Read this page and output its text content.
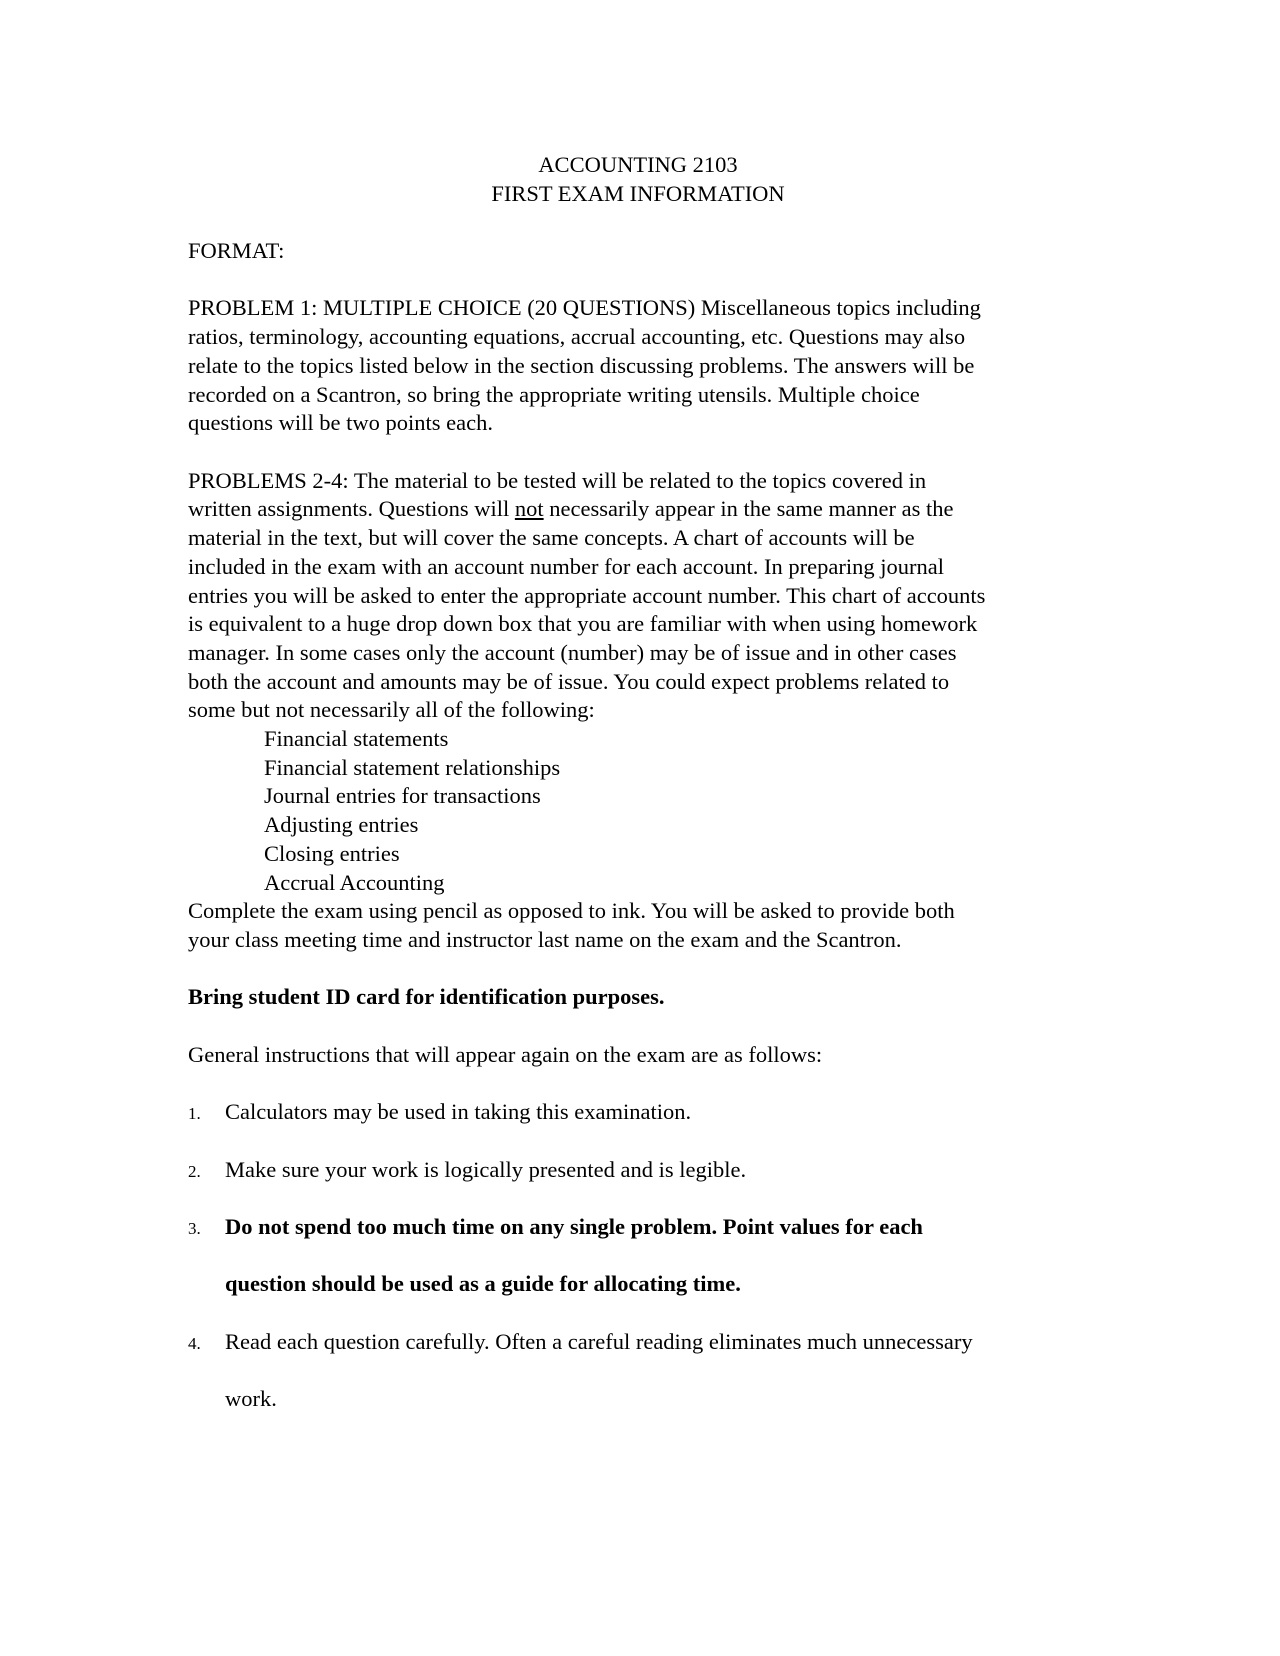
ACCOUNTING 2103
FIRST EXAM INFORMATION

FORMAT:

PROBLEM 1: MULTIPLE CHOICE (20 QUESTIONS) Miscellaneous topics including
ratios, terminology, accounting equations, accrual accounting, etc. Questions may also
relate to the topics listed below in the section discussing problems. The answers will be
recorded on a Scantron, so bring the appropriate writing utensils. Multiple choice
questions will be two points each.
PROBLEMS 2-4: The material to be tested will be related to the topics covered in
written assignments. Questions will not necessarily appear in the same manner as the
material in the text, but will cover the same concepts. A chart of accounts will be
included in the exam with an account number for each account. In preparing journal
entries you will be asked to enter the appropriate account number. This chart of accounts
is equivalent to a huge drop down box that you are familiar with when using homework
manager. In some cases only the account (number) may be of issue and in other cases
both the account and amounts may be of issue. You could expect problems related to
some but not necessarily all of the following:
Financial statements
Financial statement relationships
Journal entries for transactions
Adjusting entries
Closing entries
Accrual Accounting
Complete the exam using pencil as opposed to ink. You will be asked to provide both
your class meeting time and instructor last name on the exam and the Scantron.

Bring student ID card for identification purposes.

General instructions that will appear again on the exam are as follows:

1. Calculators may be used in taking this examination.
2. Make sure your work is logically presented and is legible.
3. Do not spend too much time on any single problem. Point values for each
question should be used as a guide for allocating time.
4. Read each question carefully. Often a careful reading eliminates much unnecessary
work.
